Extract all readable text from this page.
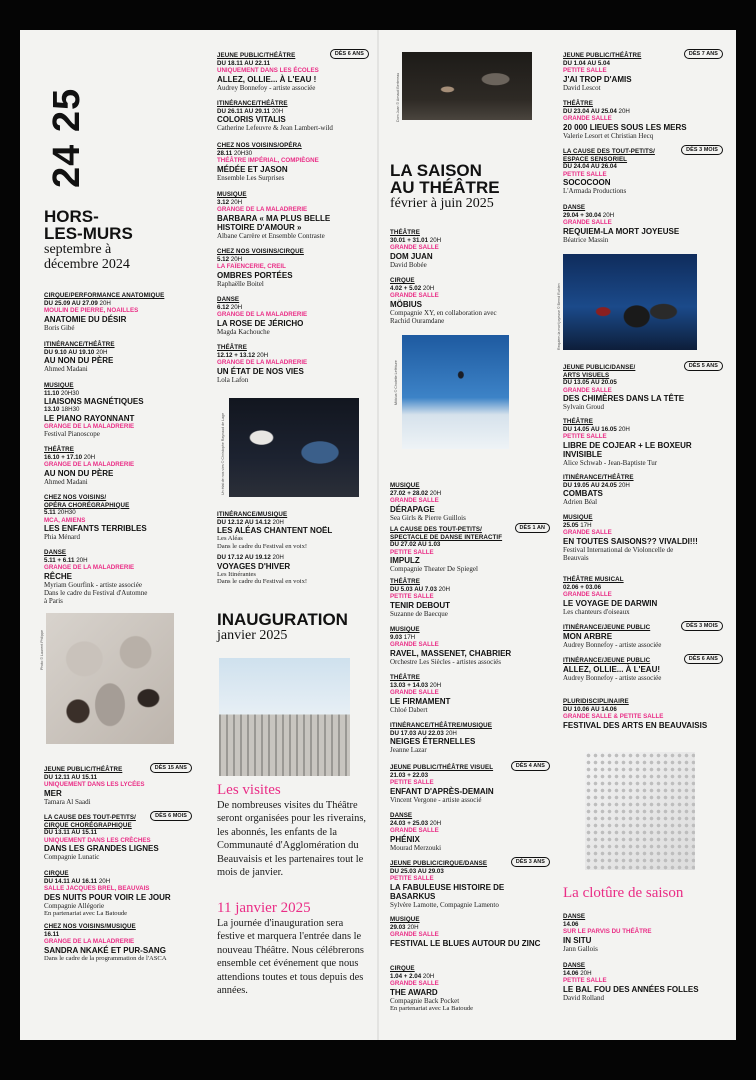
24 25
HORS-
LES-MURS
septembre à
décembre 2024
CIRQUE/PERFORMANCE ANATOMIQUE
DU 25.09 AU 27.09 20H
MOULIN DE PIERRE, NOAILLES
ANATOMIE DU DÉSIR
Boris Gibé
ITINÉRANCE/THÉÂTRE
DU 9.10 AU 19.10 20H
AU NON DU PÈRE
Ahmed Madani
MUSIQUE
11.10 20H30
LIAISONS MAGNÉTIQUES
13.10 18H30
LE PIANO RAYONNANT
GRANGE DE LA MALADRERIE
Festival Pianoscope
THÉÂTRE
16.10 + 17.10 20H
GRANGE DE LA MALADRERIE
AU NON DU PÈRE
Ahmed Madani
CHEZ NOS VOISINS/
OPÉRA CHORÉGRAPHIQUE
5.11 20H30
MCA, AMIENS
LES ENFANTS TERRIBLES
Phia Ménard
DANSE
5.11 + 6.11 20H
GRANGE DE LA MALADRERIE
RÊCHE
Myriam Gourfink - artiste associée
Dans le cadre du Festival d'Automne
à Paris
Photo © Laurent Philippe
DÈS 15 ANS
JEUNE PUBLIC/THÉÂTRE
DU 12.11 AU 15.11
UNIQUEMENT DANS LES LYCÉES
MER
Tamara Al Saadi
DÈS 6 MOIS
LA CAUSE DES TOUT-PETITS/
CIRQUE CHORÉGRAPHIQUE
DU 13.11 AU 15.11
UNIQUEMENT DANS LES CRÈCHES
DANS LES GRANDES LIGNES
Compagnie Lunatic
CIRQUE
DU 14.11 AU 16.11 20H
SALLE JACQUES BREL, BEAUVAIS
DES NUITS POUR VOIR LE JOUR
Compagnie Allégorie
En partenariat avec La Batoude
CHEZ NOS VOISINS/MUSIQUE
16.11
GRANGE DE LA MALADRERIE
SANDRA NKAKÉ ET PUR-SANG
Dans le cadre de la programmation de l'ASCA
DÈS 6 ANS
JEUNE PUBLIC/THÉÂTRE
DU 18.11 AU 22.11
UNIQUEMENT DANS LES ÉCOLES
ALLEZ, OLLIE... À L'EAU !
Audrey Bonnefoy - artiste associée
ITINÉRANCE/THÉÂTRE
DU 26.11 AU 29.11 20H
COLORIS VITALIS
Catherine Lefeuvre & Jean Lambert-wild
CHEZ NOS VOISINS/OPÉRA
28.11 20H30
THÉÂTRE IMPÉRIAL, COMPIÈGNE
MÉDÉE ET JASON
Ensemble Les Surprises
MUSIQUE
3.12 20H
GRANGE DE LA MALADRERIE
BARBARA « MA PLUS BELLE HISTOIRE D'AMOUR »
Albane Carrère et Ensemble Contraste
CHEZ NOS VOISINS/CIRQUE
5.12 20H
LA FAÏENCERIE, CREIL
OMBRES PORTÉES
Raphaëlle Boitel
DANSE
6.12 20H
GRANGE DE LA MALADRERIE
LA ROSE DE JÉRICHO
Magda Kachouche
THÉÂTRE
12.12 + 13.12 20H
GRANGE DE LA MALADRERIE
UN ÉTAT DE NOS VIES
Lola Lafon
Un état de nos vies © Christophe Raynaud de Lage
ITINÉRANCE/MUSIQUE
DU 12.12 AU 14.12 20H
LES ALÉAS CHANTENT NOËL
Les Aléas
Dans le cadre du Festival en voix!
DU 17.12 AU 19.12 20H
VOYAGES D'HIVER
Les Itinérantes
Dans le cadre du Festival en voix!
INAUGURATION
janvier 2025
Les visites
De nombreuses visites du Théâtre seront organisées pour les riverains, les abonnés, les enfants de la Communauté d'Agglomération du Beauvaisis et les partenaires tout le mois de janvier.
11 janvier 2025
La journée d'inauguration sera festive et marquera l'entrée dans le nouveau Théâtre. Nous célébrerons ensemble cet événement que nous attendions toutes et tous depuis des années.
Dom Juan © Arnaud Bertereau
LA SAISON
AU THÉÂTRE
février à juin 2025
THÉÂTRE
30.01 + 31.01 20H
GRANDE SALLE
DOM JUAN
David Bobée
CIRQUE
4.02 + 5.02 20H
GRANDE SALLE
MÖBIUS
Compagnie XY, en collaboration avec Rachid Ouramdane
Möbius © Cholette Lefébure
MUSIQUE
27.02 + 28.02 20H
GRANDE SALLE
DÉRAPAGE
Sea Girls & Pierre Guillois
DÈS 1 AN
LA CAUSE DES TOUT-PETITS/
SPECTACLE DE DANSE INTERACTIF
DU 27.02 AU 1.03
PETITE SALLE
IMPULZ
Compagnie Theater De Spiegel
THÉÂTRE
DU 5.03 AU 7.03 20H
PETITE SALLE
TENIR DEBOUT
Suzanne de Baecque
MUSIQUE
9.03 17H
GRANDE SALLE
RAVEL, MASSENET, CHABRIER
Orchestre Les Siècles - artistes associés
THÉÂTRE
13.03 + 14.03 20H
GRANDE SALLE
LE FIRMAMENT
Chloé Dabert
ITINÉRANCE/THÉÂTRE/MUSIQUE
DU 17.03 AU 22.03 20H
NEIGES ÉTERNELLES
Jeanne Lazar
DÈS 4 ANS
JEUNE PUBLIC/THÉÂTRE VISUEL
21.03 + 22.03
PETITE SALLE
ENFANT D'APRÈS-DEMAIN
Vincent Vergone - artiste associé
DANSE
24.03 + 25.03 20H
GRANDE SALLE
PHÉNIX
Mourad Merzouki
DÈS 3 ANS
JEUNE PUBLIC/CIRQUE/DANSE
DU 25.03 AU 29.03
PETITE SALLE
LA FABULEUSE HISTOIRE DE BASARKUS
Sylvère Lamotte, Compagnie Lamento
MUSIQUE
29.03 20H
GRANDE SALLE
FESTIVAL LE BLUES AUTOUR DU ZINC
CIRQUE
1.04 + 2.04 20H
GRANDE SALLE
THE AWARD
Compagnie Back Pocket
En partenariat avec La Batoude
DÈS 7 ANS
JEUNE PUBLIC/THÉÂTRE
DU 1.04 AU 5.04
PETITE SALLE
J'AI TROP D'AMIS
David Lescot
THÉÂTRE
DU 23.04 AU 25.04 20H
GRANDE SALLE
20 000 LIEUES SOUS LES MERS
Valerie Lesort et Christian Hecq
DÈS 3 MOIS
LA CAUSE DES TOUT-PETITS/
ESPACE SENSORIEL
DU 24.04 AU 26.04
PETITE SALLE
SOCOCOON
L'Armada Productions
DANSE
29.04 + 30.04 20H
GRANDE SALLE
REQUIEM-LA MORT JOYEUSE
Béatrice Massin
Requiem-la mort joyeuse © Bernd Ruhlen
DÈS 5 ANS
JEUNE PUBLIC/DANSE/
ARTS VISUELS
DU 13.05 AU 20.05
GRANDE SALLE
DES CHIMÈRES DANS LA TÊTE
Sylvain Groud
THÉÂTRE
DU 14.05 AU 16.05 20H
PETITE SALLE
LIBRE DE COJEAR + LE BOXEUR INVISIBLE
Alice Schwab - Jean-Baptiste Tur
ITINÉRANCE/THÉÂTRE
DU 19.05 AU 24.05 20H
COMBATS
Adrien Béal
MUSIQUE
25.05 17H
GRANDE SALLE
EN TOUTES SAISONS?? VIVALDI!!!
Festival International de Violoncelle de Beauvais
THÉÂTRE MUSICAL
02.06 + 03.06
GRANDE SALLE
LE VOYAGE DE DARWIN
Les chanteurs d'oiseaux
DÈS 3 MOIS
ITINÉRANCE/JEUNE PUBLIC
MON ARBRE
Audrey Bonnefoy - artiste associée
DÈS 6 ANS
ITINÉRANCE/JEUNE PUBLIC
ALLEZ, OLLIE... À L'EAU!
Audrey Bonnefoy - artiste associée
PLURIDISCIPLINAIRE
DU 10.06 AU 14.06
GRANDE SALLE & PETITE SALLE
FESTIVAL DES ARTS EN BEAUVAISIS
La clotûre de saison
DANSE
14.06
SUR LE PARVIS DU THÉÂTRE
IN SITU
Jann Gallois
DANSE
14.06 20H
PETITE SALLE
LE BAL FOU DES ANNÉES FOLLES
David Rolland
